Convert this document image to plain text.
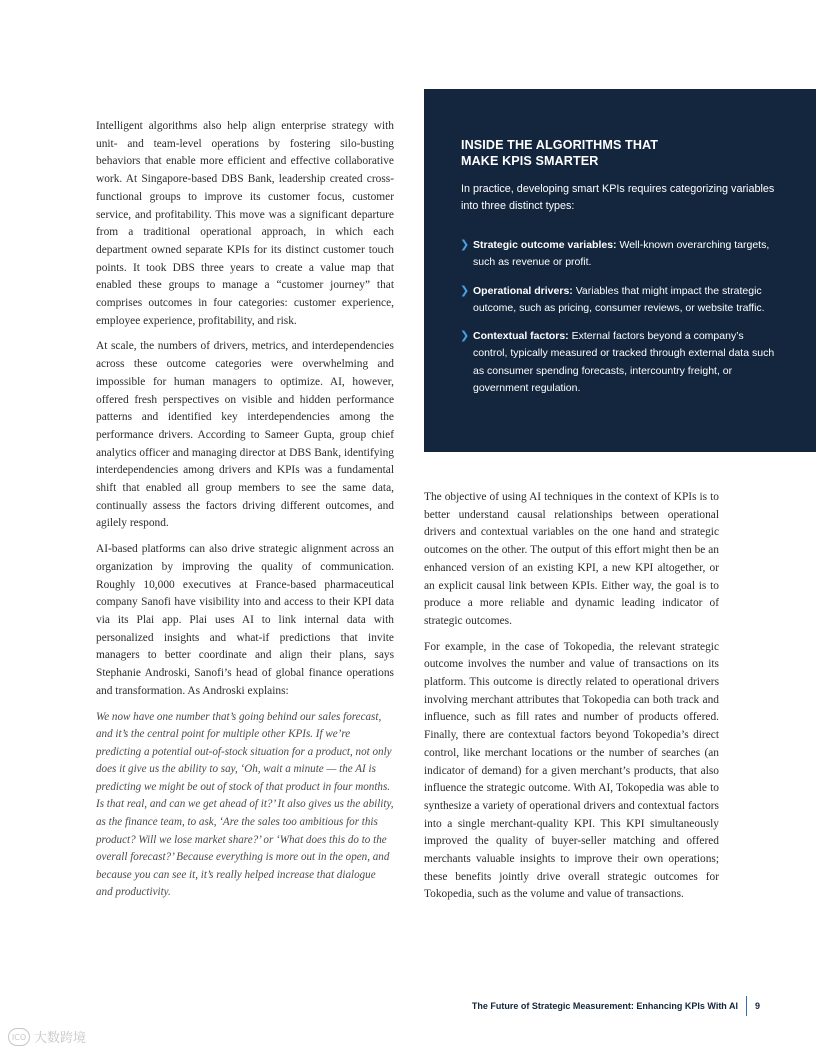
Intelligent algorithms also help align enterprise strategy with unit- and team-level operations by fostering silo-busting behaviors that enable more efficient and effective collaborative work. At Singapore-based DBS Bank, leadership created cross-functional groups to improve its customer focus, customer service, and profitability. This move was a significant departure from a traditional operational approach, in which each department owned separate KPIs for its distinct customer touch points. It took DBS three years to create a value map that enabled these groups to manage a “customer journey” that comprises outcomes in four categories: customer experience, employee experience, profitability, and risk.

At scale, the numbers of drivers, metrics, and interdependencies across these outcome categories were overwhelming and impossible for human managers to optimize. AI, however, offered fresh perspectives on visible and hidden performance patterns and identified key interdependencies among the performance drivers. According to Sameer Gupta, group chief analytics officer and managing director at DBS Bank, identifying interdependencies among drivers and KPIs was a fundamental shift that enabled all group members to see the same data, continually assess the factors driving different outcomes, and agilely respond.

AI-based platforms can also drive strategic alignment across an organization by improving the quality of communication. Roughly 10,000 executives at France-based pharmaceutical company Sanofi have visibility into and access to their KPI data via its Plai app. Plai uses AI to link internal data with personalized insights and what-if predictions that invite managers to better coordinate and align their plans, says Stephanie Androski, Sanofi’s head of global finance operations and transformation. As Androski explains:

We now have one number that’s going behind our sales forecast, and it’s the central point for multiple other KPIs. If we’re predicting a potential out-of-stock situation for a product, not only does it give us the ability to say, ‘Oh, wait a minute — the AI is predicting we might be out of stock of that product in four months. Is that real, and can we get ahead of it?’ It also gives us the ability, as the finance team, to ask, ‘Are the sales too ambitious for this product? Will we lose market share?’ or ‘What does this do to the overall forecast?’ Because everything is more out in the open, and because you can see it, it’s really helped increase that dialogue and productivity.

INSIDE THE ALGORITHMS THAT
MAKE KPIS SMARTER

In practice, developing smart KPIs requires categorizing variables into three distinct types:

❯ Strategic outcome variables: Well-known overarching targets, such as revenue or profit.
❯ Operational drivers: Variables that might impact the strategic outcome, such as pricing, consumer reviews, or website traffic.
❯ Contextual factors: External factors beyond a company’s control, typically measured or tracked through external data such as consumer spending forecasts, intercountry freight, or government regulation.

The objective of using AI techniques in the context of KPIs is to better understand causal relationships between operational drivers and contextual variables on the one hand and strategic outcomes on the other. The output of this effort might then be an enhanced version of an existing KPI, a new KPI altogether, or an explicit causal link between KPIs. Either way, the goal is to produce a more reliable and dynamic leading indicator of strategic outcomes.

For example, in the case of Tokopedia, the relevant strategic outcome involves the number and value of transactions on its platform. This outcome is directly related to operational drivers involving merchant attributes that Tokopedia can both track and influence, such as fill rates and number of products offered. Finally, there are contextual factors beyond Tokopedia’s direct control, like merchant locations or the number of searches (an indicator of demand) for a given merchant’s products, that also influence the strategic outcome. With AI, Tokopedia was able to synthesize a variety of operational drivers and contextual factors into a single merchant-quality KPI. This KPI simultaneously improved the quality of buyer-seller matching and offered merchants valuable insights to improve their own operations; these benefits jointly drive overall strategic outcomes for Tokopedia, such as the volume and value of transactions.

The Future of Strategic Measurement: Enhancing KPIs With AI 9
ICO 大数跨境
